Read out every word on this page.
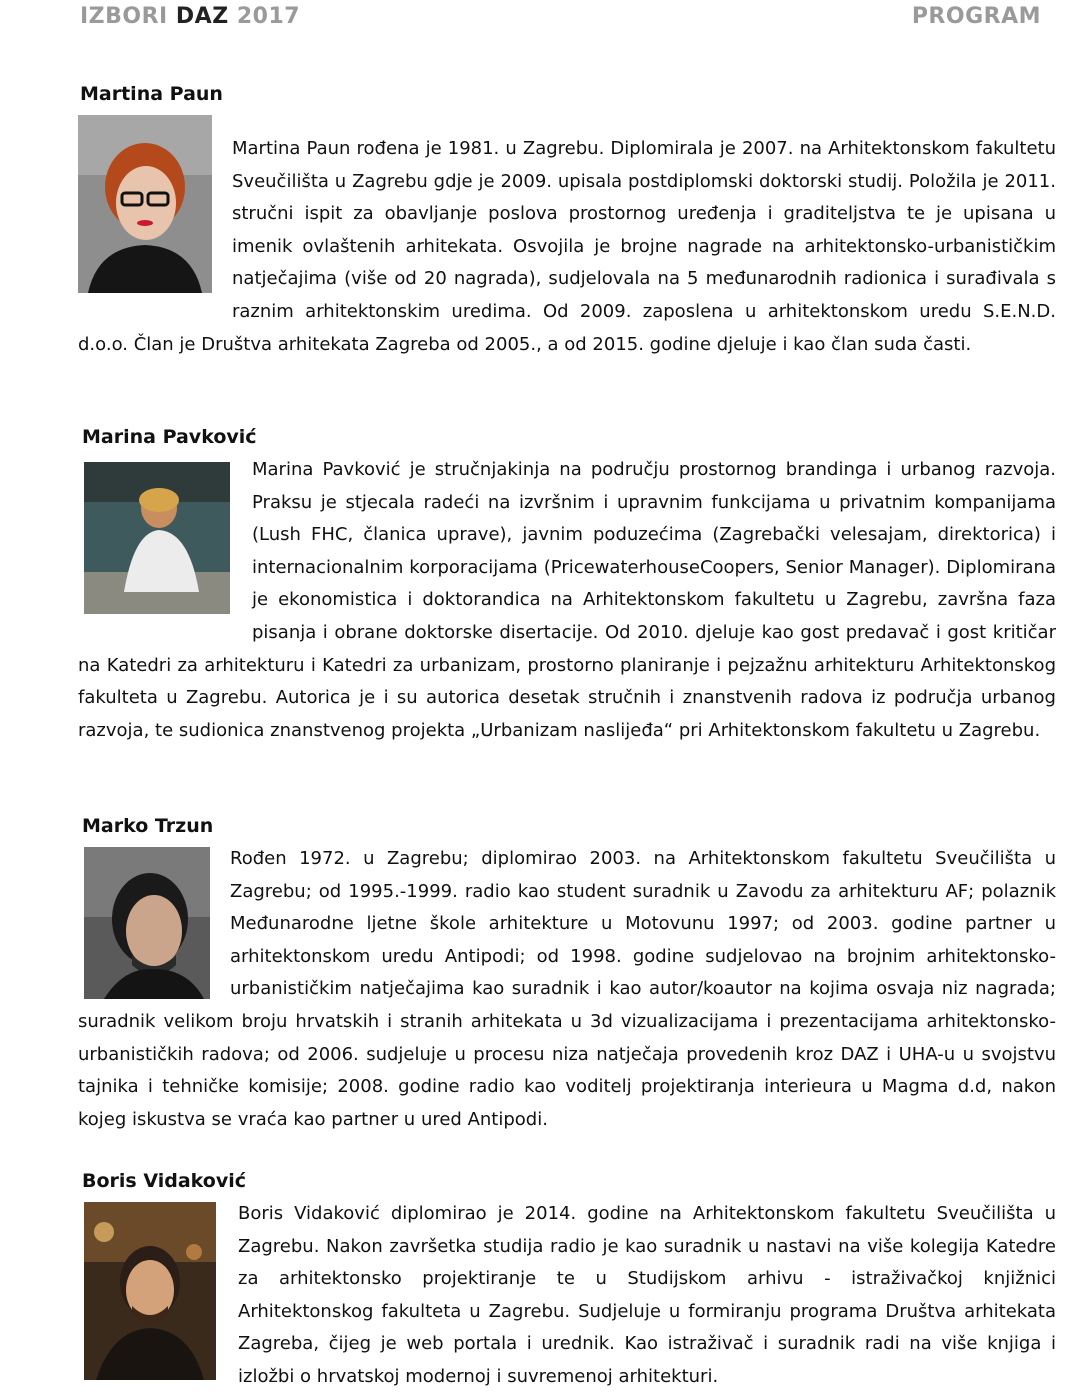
IZBORI DAZ 2017	PROGRAM
Martina Paun

Martina Paun rođena je 1981. u Zagrebu. Diplomirala je 2007. na Arhitektonskom fakultetu Sveučilišta u Zagrebu gdje je 2009. upisala postdiplomski doktorski studij. Položila je 2011. stručni ispit za obavljanje poslova prostornog uređenja i graditeljstva te je upisana u imenik ovlaštenih arhitekata. Osvojila je brojne nagrade na arhitektonsko-urbanističkim natječajima (više od 20 nagrada), sudjelovala na 5 međunarodnih radionica i surađivala s raznim arhitektonskim uredima. Od 2009. zaposlena u arhitektonskom uredu S.E.N.D. d.o.o. Član je Društva arhitekata Zagreba od 2005., a od 2015. godine djeluje i kao član suda časti.

Marina Pavković

Marina Pavković je stručnjakinja na području prostornog brandinga i urbanog razvoja. Praksu je stjecala radeći na izvršnim i upravnim funkcijama u privatnim kompanijama (Lush FHC, članica uprave), javnim poduzećima (Zagrebački velesajam, direktorica) i internacionalnim korporacijama (PricewaterhouseCoopers, Senior Manager). Diplomirana je ekonomistica i doktorandica na Arhitektonskom fakultetu u Zagrebu, završna faza pisanja i obrane doktorske disertacije. Od 2010. djeluje kao gost predavač i gost kritičar na Katedri za arhitekturu i Katedri za urbanizam, prostorno planiranje i pejzažnu arhitekturu Arhitektonskog fakulteta u Zagrebu. Autorica je i su autorica desetak stručnih i znanstvenih radova iz područja urbanog razvoja, te sudionica znanstvenog projekta „Urbanizam naslijeđa“ pri Arhitektonskom fakultetu u Zagrebu.

Marko Trzun

Rođen 1972. u Zagrebu; diplomirao 2003. na Arhitektonskom fakultetu Sveučilišta u Zagrebu; od 1995.-1999. radio kao student suradnik u Zavodu za arhitekturu AF; polaznik Međunarodne ljetne škole arhitekture u Motovunu 1997; od 2003. godine partner u arhitektonskom uredu Antipodi; od 1998. godine sudjelovao na brojnim arhitektonsko-urbanističkim natječajima kao suradnik i kao autor/koautor na kojima osvaja niz nagrada; suradnik velikom broju hrvatskih i stranih arhitekata u 3d vizualizacijama i prezentacijama arhitektonsko-urbanističkih radova; od 2006. sudjeluje u procesu niza natječaja provedenih kroz DAZ i UHA-u u svojstvu tajnika i tehničke komisije; 2008. godine radio kao voditelj projektiranja interieura u Magma d.d, nakon kojeg iskustva se vraća kao partner u ured Antipodi.

Boris Vidaković

Boris Vidaković diplomirao je 2014. godine na Arhitektonskom fakultetu Sveučilišta u Zagrebu. Nakon završetka studija radio je kao suradnik u nastavi na više kolegija Katedre za arhitektonsko projektiranje te u Studijskom arhivu - istraživačkoj knjižnici Arhitektonskog fakulteta u Zagrebu. Sudjeluje u formiranju programa Društva arhitekata Zagreba, čijeg je web portala i urednik. Kao istraživač i suradnik radi na više knjiga i izložbi o hrvatskoj modernoj i suvremenoj arhitekturi.
